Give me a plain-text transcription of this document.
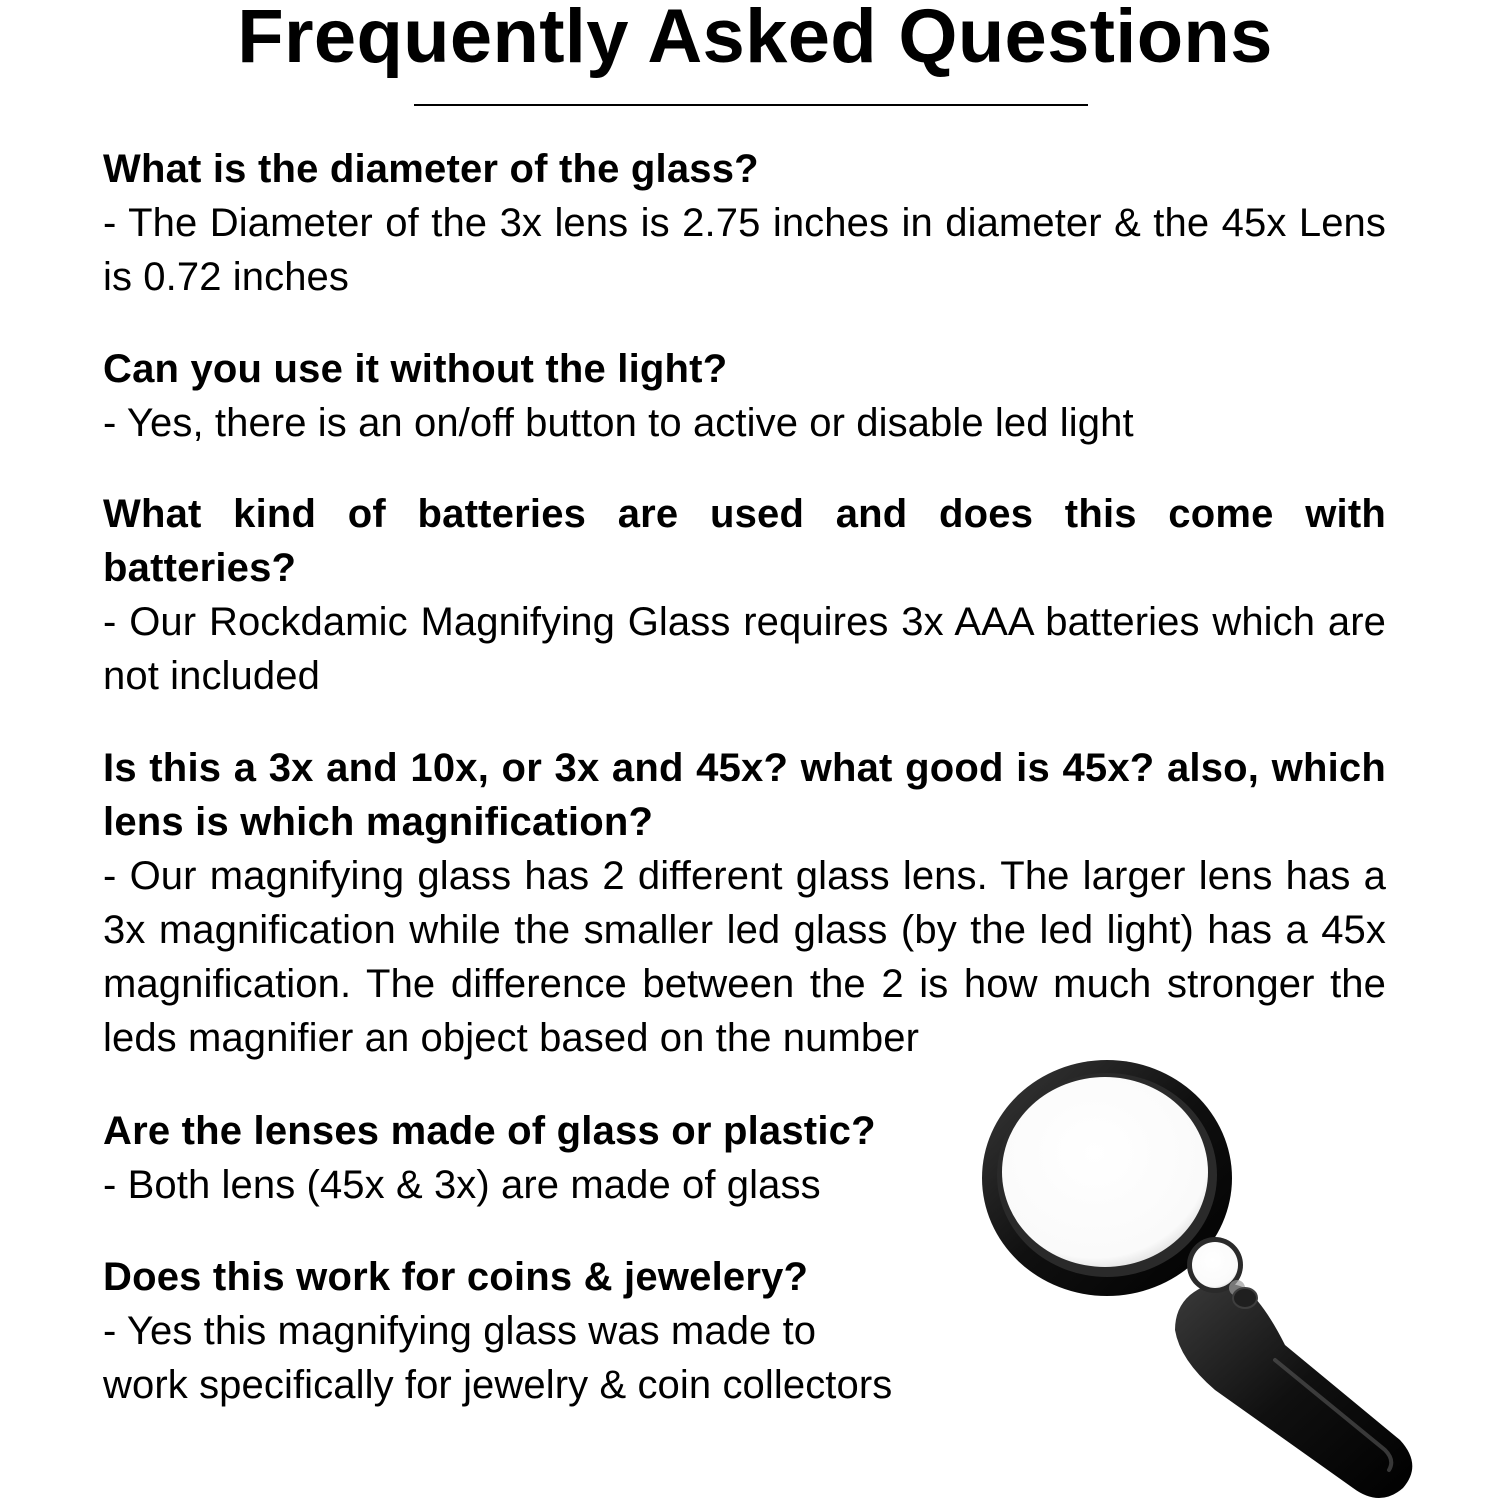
Frequently Asked Questions

What is the diameter of the glass?

- The Diameter of the 3x lens is 2.75 inches in diameter & the 45x Lens is 0.72 inches

Can you use it without the light?

- Yes, there is an on/off button to active or disable led light

What kind of batteries are used and does this come with batteries?

- Our Rockdamic Magnifying Glass requires 3x AAA batteries which are not included

Is this a 3x and 10x, or 3x and 45x? what good is 45x? also, which lens is which magnification?

- Our magnifying glass has 2 different glass lens. The larger lens has a 3x magnification while the smaller led glass (by the led light) has a 45x magnification. The difference between the 2 is how much stronger the leds magnifier an object based on the number

Are the lenses made of glass or plastic?

- Both lens (45x & 3x) are made of glass

Does this work for coins & jewelery?

- Yes this magnifying glass was made to

work specifically for jewelry & coin collectors
